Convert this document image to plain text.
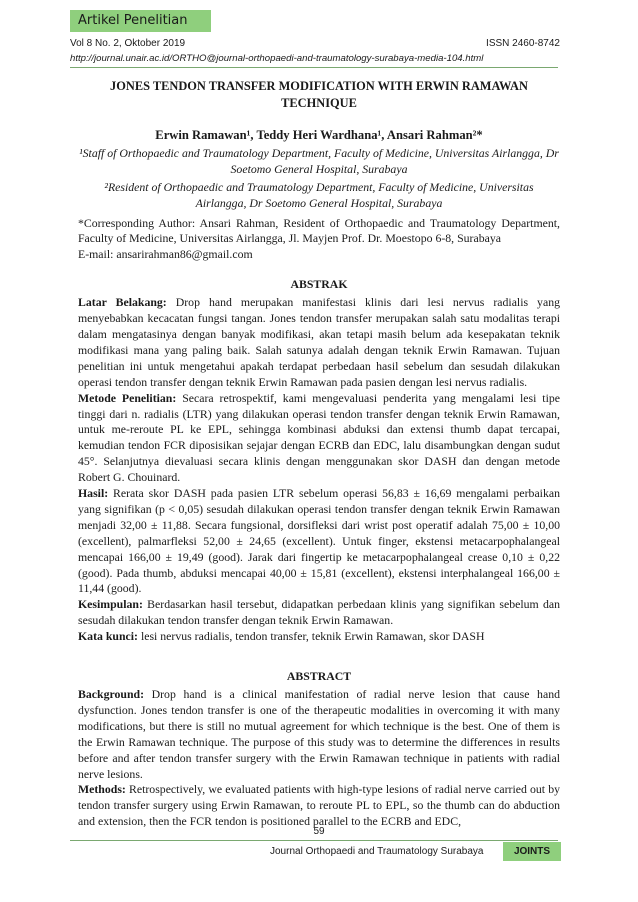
Artikel Penelitian
Vol 8 No. 2, Oktober 2019	ISSN 2460-8742
http://journal.unair.ac.id/ORTHO@journal-orthopaedi-and-traumatology-surabaya-media-104.html
JONES TENDON TRANSFER MODIFICATION WITH ERWIN RAMAWAN TECHNIQUE
Erwin Ramawan¹, Teddy Heri Wardhana¹, Ansari Rahman²*
¹Staff of Orthopaedic and Traumatology Department, Faculty of Medicine, Universitas Airlangga, Dr Soetomo General Hospital, Surabaya
²Resident of Orthopaedic and Traumatology Department, Faculty of Medicine, Universitas Airlangga, Dr Soetomo General Hospital, Surabaya
*Corresponding Author: Ansari Rahman, Resident of Orthopaedic and Traumatology Department, Faculty of Medicine, Universitas Airlangga, Jl. Mayjen Prof. Dr. Moestopo 6-8, Surabaya
E-mail: ansarirahman86@gmail.com
ABSTRAK

Latar Belakang: Drop hand merupakan manifestasi klinis dari lesi nervus radialis yang menyebabkan kecacatan fungsi tangan. Jones tendon transfer merupakan salah satu modalitas terapi dalam mengatasinya dengan banyak modifikasi, akan tetapi masih belum ada kesepakatan teknik modifikasi mana yang paling baik. Salah satunya adalah dengan teknik Erwin Ramawan. Tujuan penelitian ini untuk mengetahui apakah terdapat perbedaan hasil sebelum dan sesudah dilakukan operasi tendon transfer dengan teknik Erwin Ramawan pada pasien dengan lesi nervus radialis.

Metode Penelitian: Secara retrospektif, kami mengevaluasi penderita yang mengalami lesi tipe tinggi dari n. radialis (LTR) yang dilakukan operasi tendon transfer dengan teknik Erwin Ramawan, untuk me-reroute PL ke EPL, sehingga kombinasi abduksi dan extensi thumb dapat tercapai, kemudian tendon FCR diposisikan sejajar dengan ECRB dan EDC, lalu disambungkan dengan sudut 45°. Selanjutnya dievaluasi secara klinis dengan menggunakan skor DASH dan dengan metode Robert G. Chouinard.

Hasil: Rerata skor DASH pada pasien LTR sebelum operasi 56,83 ± 16,69 mengalami perbaikan yang signifikan (p < 0,05) sesudah dilakukan operasi tendon transfer dengan teknik Erwin Ramawan menjadi 32,00 ± 11,88. Secara fungsional, dorsifleksi dari wrist post operatif adalah 75,00 ± 10,00 (excellent), palmarfleksi 52,00 ± 24,65 (excellent). Untuk finger, ekstensi metacarpophalangeal mencapai 166,00 ± 19,49 (good). Jarak dari fingertip ke metacarpophalangeal crease 0,10 ± 0,22 (good). Pada thumb, abduksi mencapai 40,00 ± 15,81 (excellent), ekstensi interphalangeal 166,00 ± 11,44 (good).

Kesimpulan: Berdasarkan hasil tersebut, didapatkan perbedaan klinis yang signifikan sebelum dan sesudah dilakukan tendon transfer dengan teknik Erwin Ramawan.

Kata kunci: lesi nervus radialis, tendon transfer, teknik Erwin Ramawan, skor DASH

ABSTRACT

Background: Drop hand is a clinical manifestation of radial nerve lesion that cause hand dysfunction. Jones tendon transfer is one of the therapeutic modalities in overcoming it with many modifications, but there is still no mutual agreement for which technique is the best. One of them is the Erwin Ramawan technique. The purpose of this study was to determine the differences in results before and after tendon transfer surgery with the Erwin Ramawan technique in patients with radial nerve lesions.

Methods: Retrospectively, we evaluated patients with high-type lesions of radial nerve carried out by tendon transfer surgery using Erwin Ramawan, to reroute PL to EPL, so the thumb can do abduction and extension, then the FCR tendon is positioned parallel to the ECRB and EDC,

59
Journal Orthopaedi and Traumatology Surabaya	JOINTS
